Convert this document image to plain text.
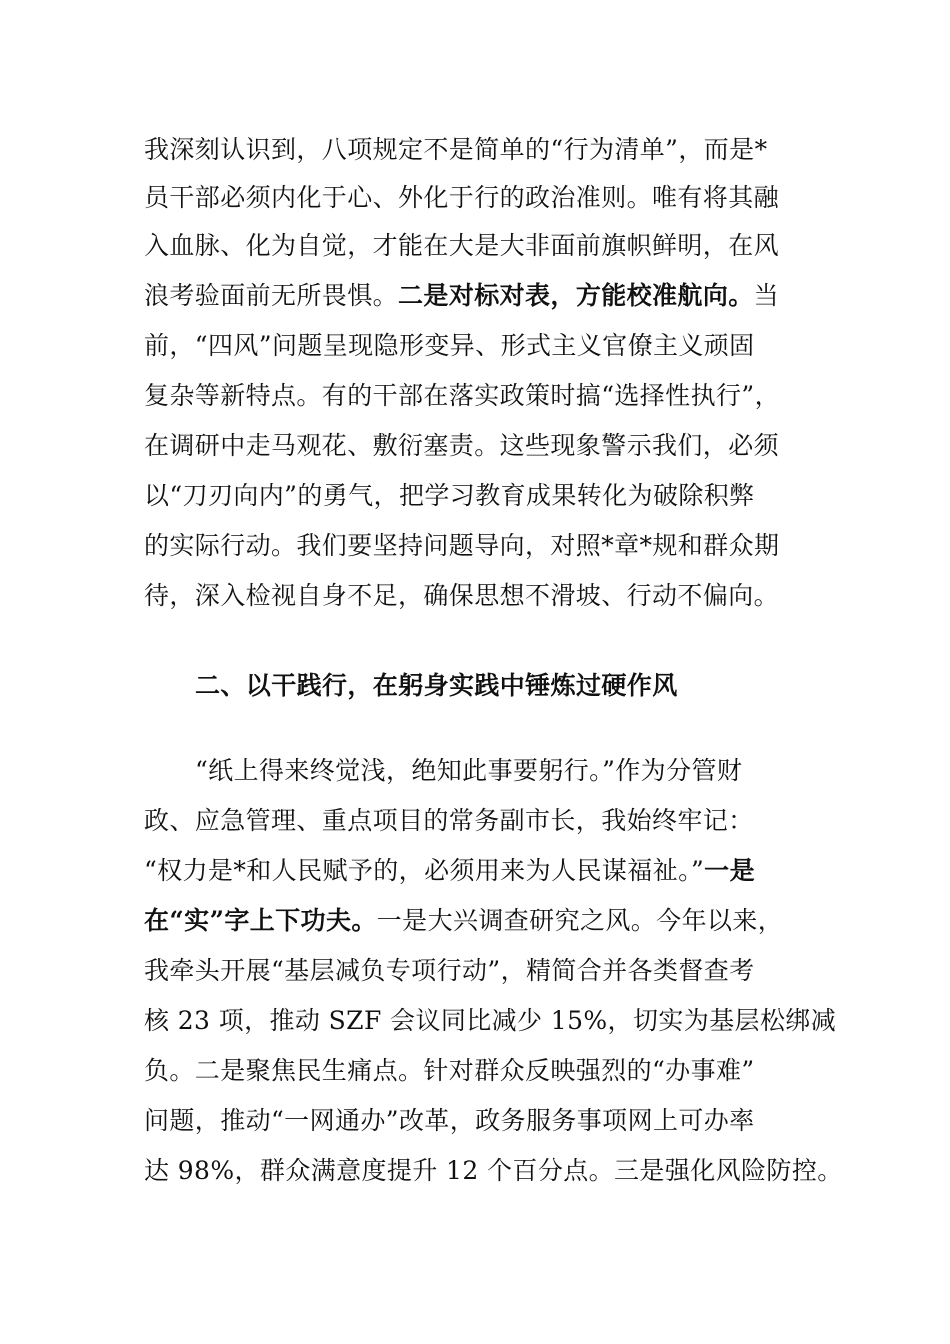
我深刻认识到，八项规定不是简单的“行为清单”，而是*
员干部必须内化于心、外化于行的政治准则。唯有将其融
入血脉、化为自觉，才能在大是大非面前旗帜鲜明，在风
浪考验面前无所畏惧。二是对标对表，方能校准航向。当
前，“四风”问题呈现隐形变异、形式主义官僚主义顽固
复杂等新特点。有的干部在落实政策时搞“选择性执行”，
在调研中走马观花、敷衍塞责。这些现象警示我们，必须
以“刀刃向内”的勇气，把学习教育成果转化为破除积弊
的实际行动。我们要坚持问题导向，对照*章*规和群众期
待，深入检视自身不足，确保思想不滑坡、行动不偏向。
二、以干践行，在躬身实践中锤炼过硬作风
“纸上得来终觉浅，绝知此事要躬行。”作为分管财
政、应急管理、重点项目的常务副市长，我始终牢记：
“权力是*和人民赋予的，必须用来为人民谋福祉。”一是
在“实”字上下功夫。一是大兴调查研究之风。今年以来，
我牵头开展“基层减负专项行动”，精简合并各类督查考
核 23 项，推动 SZF 会议同比减少 15%，切实为基层松绑减
负。二是聚焦民生痛点。针对群众反映强烈的“办事难”
问题，推动“一网通办”改革，政务服务事项网上可办率
达 98%，群众满意度提升 12 个百分点。三是强化风险防控。
